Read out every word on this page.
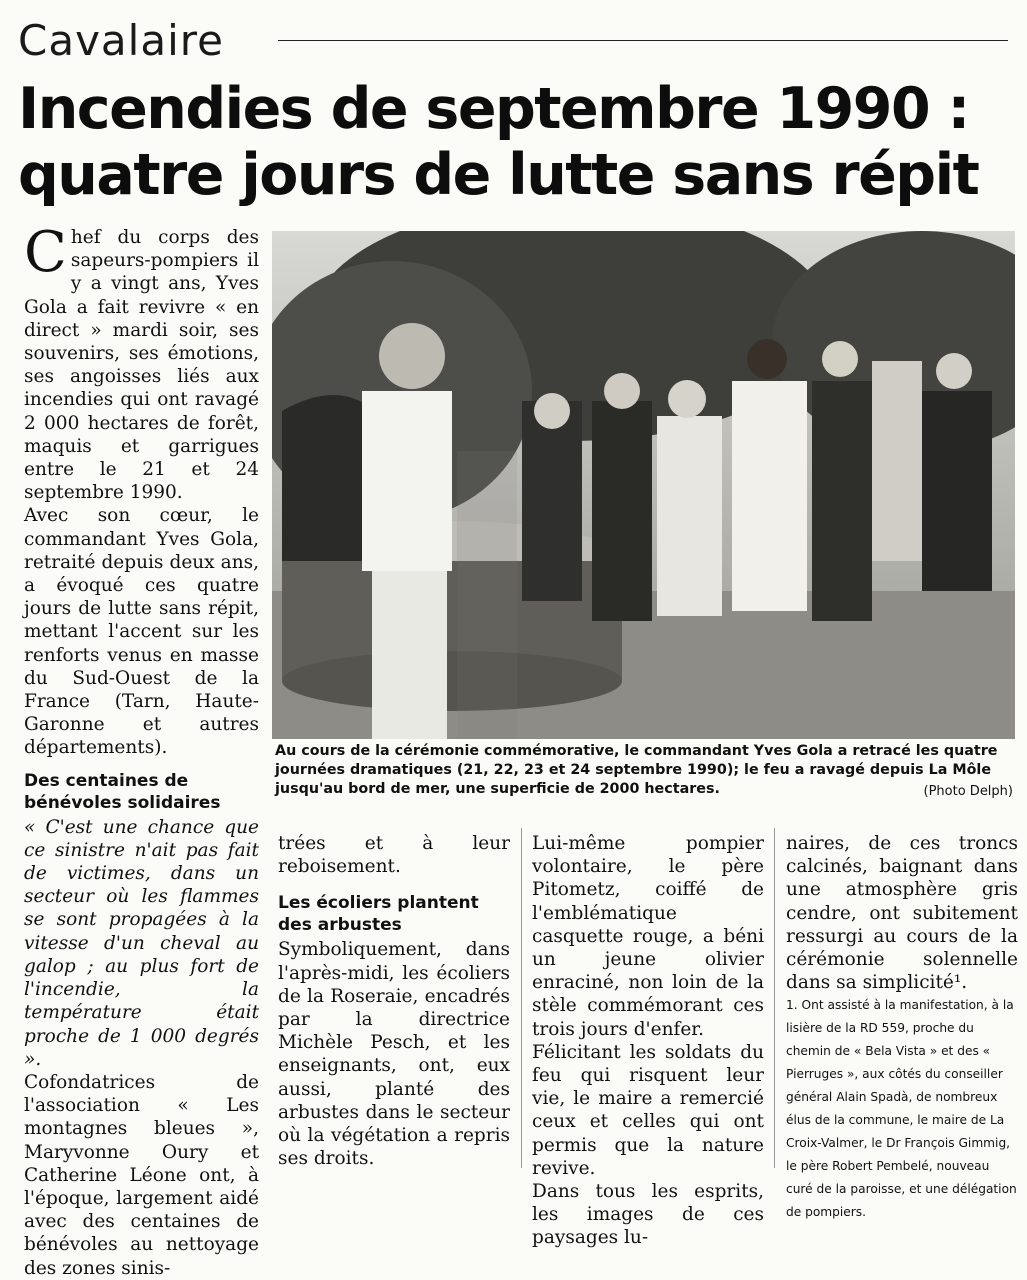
Cavalaire
Incendies de septembre 1990 :
quatre jours de lutte sans répit

Chef du corps des sapeurs-pompiers il y a vingt ans, Yves Gola a fait revivre « en direct » mardi soir, ses souvenirs, ses émotions, ses angoisses liés aux incendies qui ont ravagé 2 000 hectares de forêt, maquis et garrigues entre le 21 et 24 septembre 1990.

Avec son cœur, le commandant Yves Gola, retraité depuis deux ans, a évoqué ces quatre jours de lutte sans répit, mettant l'accent sur les renforts venus en masse du Sud-Ouest de la France (Tarn, Haute-Garonne et autres départements).

Des centaines de bénévoles solidaires

« C'est une chance que ce sinistre n'ait pas fait de victimes, dans un secteur où les flammes se sont propagées à la vitesse d'un cheval au galop ; au plus fort de l'incendie, la température était proche de 1 000 degrés ».

Cofondatrices de l'association « Les montagnes bleues », Maryvonne Oury et Catherine Léone ont, à l'époque, largement aidé avec des centaines de bénévoles au nettoyage des zones sinis-

Au cours de la cérémonie commémorative, le commandant Yves Gola a retracé les quatre journées dramatiques (21, 22, 23 et 24 septembre 1990); le feu a ravagé depuis La Môle jusqu'au bord de mer, une superficie de 2000 hectares.	(Photo Delph)

trées et à leur reboisement.

Les écoliers plantent des arbustes

Symboliquement, dans l'après-midi, les écoliers de la Roseraie, encadrés par la directrice Michèle Pesch, et les enseignants, ont, eux aussi, planté des arbustes dans le secteur où la végétation a repris ses droits.

Lui-même pompier volontaire, le père Pitometz, coiffé de l'emblématique casquette rouge, a béni un jeune olivier enraciné, non loin de la stèle commémorant ces trois jours d'enfer.

Félicitant les soldats du feu qui risquent leur vie, le maire a remercié ceux et celles qui ont permis que la nature revive.

Dans tous les esprits, les images de ces paysages lu-

naires, de ces troncs calcinés, baignant dans une atmosphère gris cendre, ont subitement ressurgi au cours de la cérémonie solennelle dans sa simplicité¹.

1. Ont assisté à la manifestation, à la lisière de la RD 559, proche du chemin de « Bela Vista » et des « Pierruges », aux côtés du conseiller général Alain Spadà, de nombreux élus de la commune, le maire de La Croix-Valmer, le Dr François Gimmig, le père Robert Pembelé, nouveau curé de la paroisse, et une délégation de pompiers.
